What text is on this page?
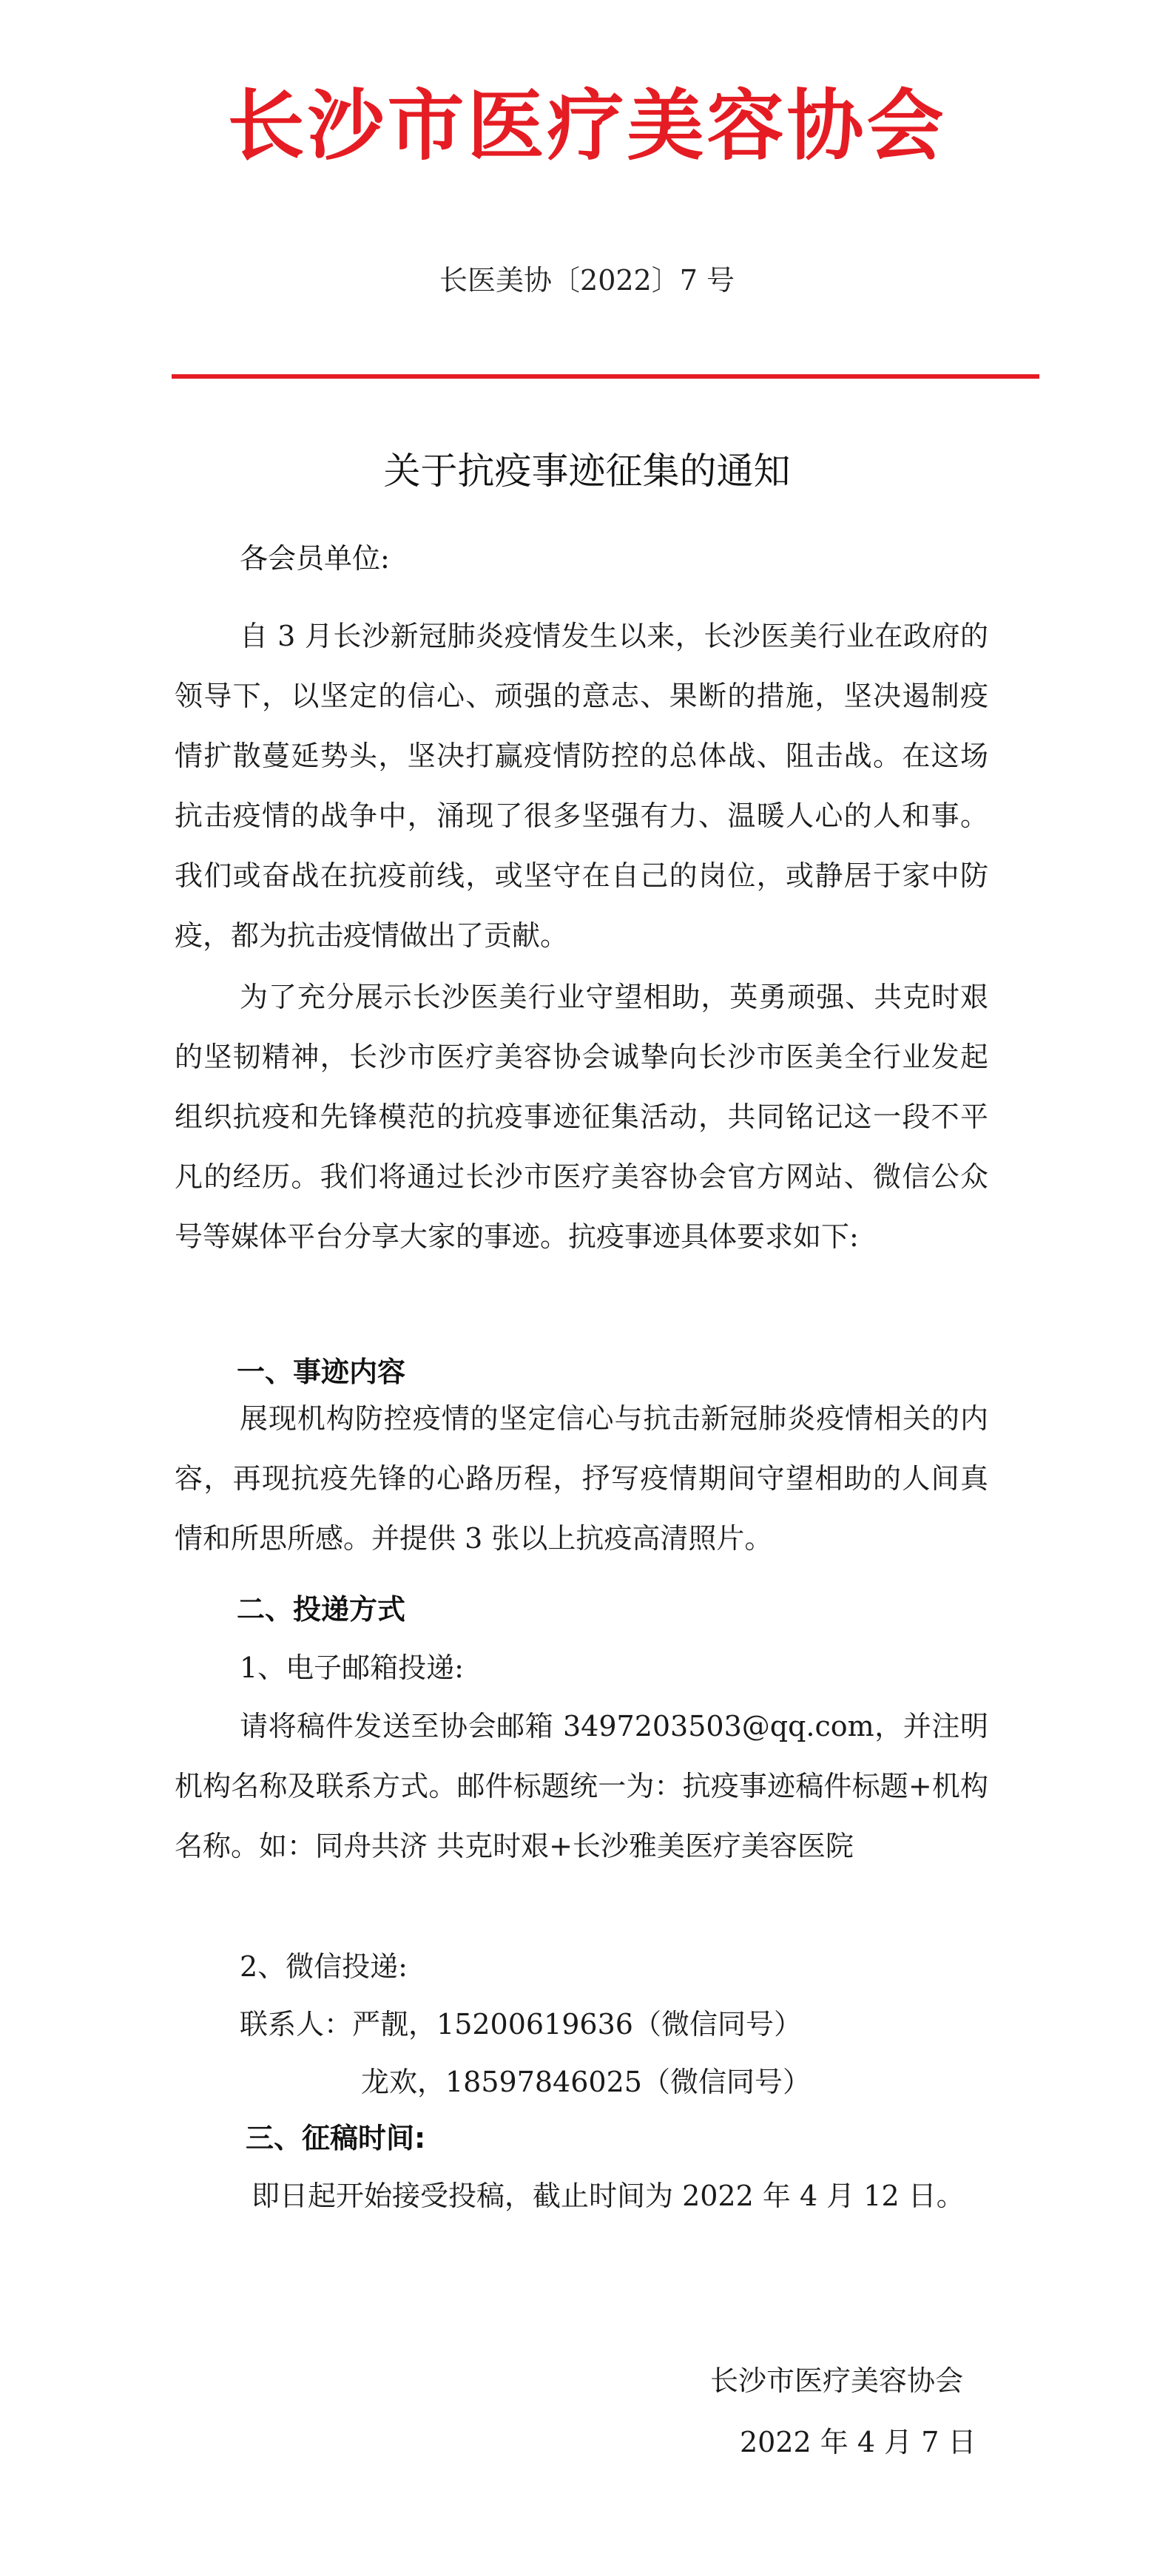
长沙市医疗美容协会
长医美协〔2022〕7 号
关于抗疫事迹征集的通知
各会员单位:

自 3 月长沙新冠肺炎疫情发生以来，长沙医美行业在政府的领导下，以坚定的信心、顽强的意志、果断的措施，坚决遏制疫情扩散蔓延势头，坚决打赢疫情防控的总体战、阻击战。在这场抗击疫情的战争中，涌现了很多坚强有力、温暖人心的人和事。我们或奋战在抗疫前线，或坚守在自己的岗位，或静居于家中防疫，都为抗击疫情做出了贡献。

为了充分展示长沙医美行业守望相助，英勇顽强、共克时艰的坚韧精神，长沙市医疗美容协会诚挚向长沙市医美全行业发起组织抗疫和先锋模范的抗疫事迹征集活动，共同铭记这一段不平凡的经历。我们将通过长沙市医疗美容协会官方网站、微信公众号等媒体平台分享大家的事迹。抗疫事迹具体要求如下:

一、事迹内容

展现机构防控疫情的坚定信心与抗击新冠肺炎疫情相关的内容，再现抗疫先锋的心路历程，抒写疫情期间守望相助的人间真情和所思所感。并提供 3 张以上抗疫高清照片。

二、投递方式
1、电子邮箱投递:

请将稿件发送至协会邮箱 3497203503@qq.com，并注明机构名称及联系方式。邮件标题统一为：抗疫事迹稿件标题+机构名称。如：同舟共济 共克时艰+长沙雅美医疗美容医院

2、微信投递:
联系人：严靓，15200619636（微信同号）
龙欢，18597846025（微信同号）
三、征稿时间:
即日起开始接受投稿，截止时间为 2022 年 4 月 12 日。
长沙市医疗美容协会
2022 年 4 月 7 日
